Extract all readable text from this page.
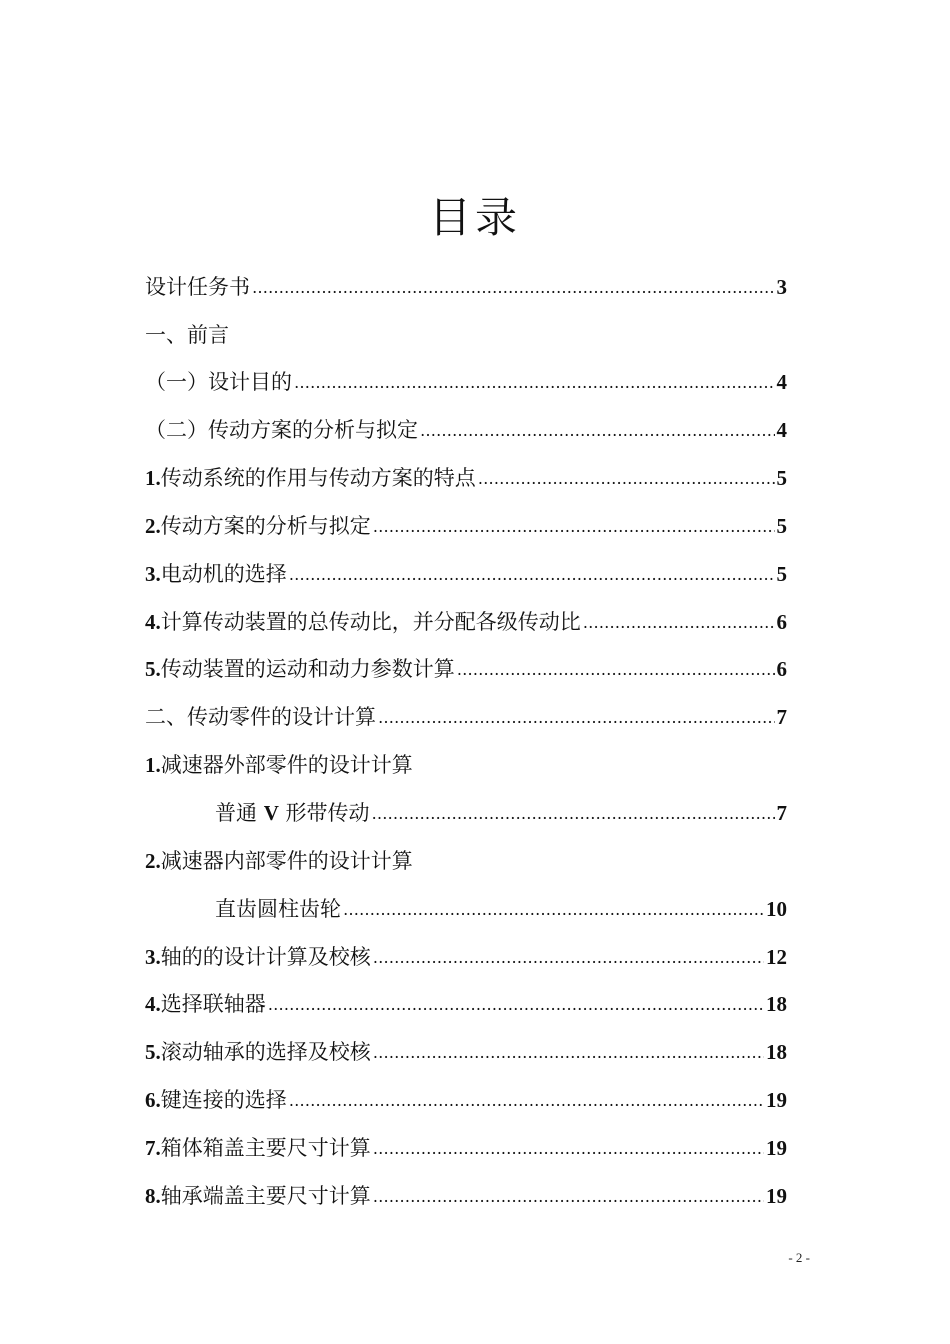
目录
设计任务书 …………………………………………………………………………………………………………………………………………………………	3
一、前言
（一）设计目的 …………………………………………………………………………………………………………………………………………………………	4
（二）传动方案的分析与拟定 …………………………………………………………………………………………………………………………………………………………	4
1. 传动系统的作用与传动方案的特点 …………………………………………………………………………………………………………………………………………………………	5
2. 传动方案的分析与拟定 …………………………………………………………………………………………………………………………………………………………	5
3. 电动机的选择 …………………………………………………………………………………………………………………………………………………………	5
4. 计算传动装置的总传动比，并分配各级传动比 …………………………………………………………………………………………………………………………………………………………	6
5. 传动装置的运动和动力参数计算 …………………………………………………………………………………………………………………………………………………………	6
二、传动零件的设计计算 …………………………………………………………………………………………………………………………………………………………	7
1. 减速器外部零件的设计计算
普通 V 形带传动 …………………………………………………………………………………………………………………………………………………………	7
2. 减速器内部零件的设计计算
直齿圆柱齿轮 …………………………………………………………………………………………………………………………………………………………	10
3. 轴的的设计计算及校核 …………………………………………………………………………………………………………………………………………………………	12
4. 选择联轴器 …………………………………………………………………………………………………………………………………………………………	18
5. 滚动轴承的选择及校核 …………………………………………………………………………………………………………………………………………………………	18
6. 键连接的选择 …………………………………………………………………………………………………………………………………………………………	19
7. 箱体箱盖主要尺寸计算 …………………………………………………………………………………………………………………………………………………………	19
8. 轴承端盖主要尺寸计算 …………………………………………………………………………………………………………………………………………………………	19
- 2 -
